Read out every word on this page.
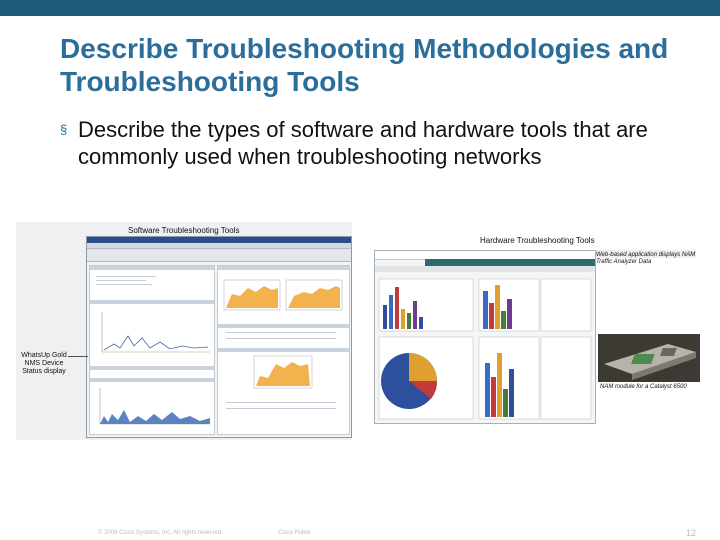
Describe Troubleshooting Methodologies and Troubleshooting Tools
§ Describe the types of software and hardware tools that are commonly used when troubleshooting networks
Software Troubleshooting Tools
WhatsUp Gold NMS Device Status display
Hardware Troubleshooting Tools
Web-based application displays NAM Traffic Analyzer Data
NAM module for a Catalyst 6500
© 2006 Cisco Systems, Inc. All rights reserved.	Cisco Public	12
